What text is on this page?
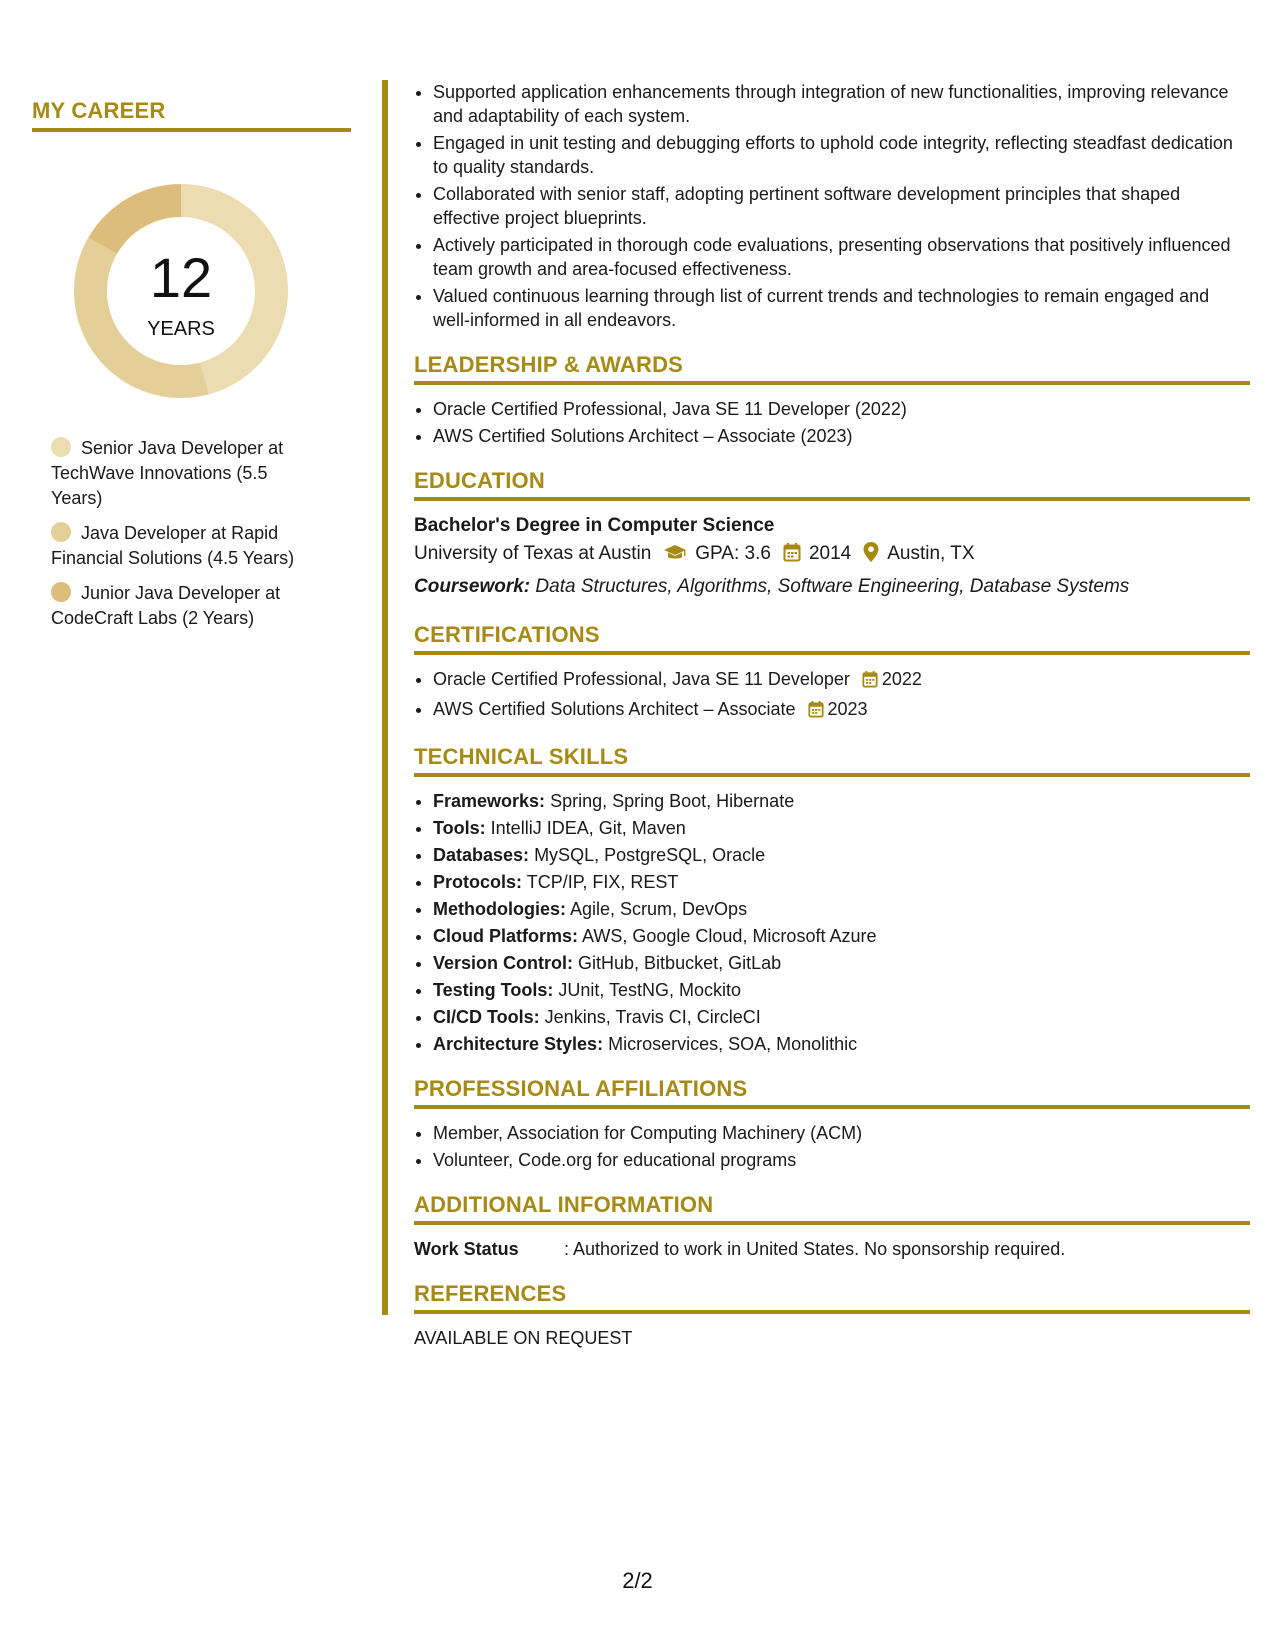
MY CAREER
12
YEARS
Senior Java Developer at TechWave Innovations (5.5 Years)
Java Developer at Rapid Financial Solutions (4.5 Years)
Junior Java Developer at CodeCraft Labs (2 Years)
• Supported application enhancements through integration of new functionalities, improving relevance and adaptability of each system.
• Engaged in unit testing and debugging efforts to uphold code integrity, reflecting steadfast dedication to quality standards.
• Collaborated with senior staff, adopting pertinent software development principles that shaped effective project blueprints.
• Actively participated in thorough code evaluations, presenting observations that positively influenced team growth and area-focused effectiveness.
• Valued continuous learning through list of current trends and technologies to remain engaged and well-informed in all endeavors.
LEADERSHIP & AWARDS
• Oracle Certified Professional, Java SE 11 Developer (2022)
• AWS Certified Solutions Architect – Associate (2023)
EDUCATION
Bachelor's Degree in Computer Science
University of Texas at Austin GPA: 3.6 2014 Austin, TX
Coursework: Data Structures, Algorithms, Software Engineering, Database Systems
CERTIFICATIONS
• Oracle Certified Professional, Java SE 11 Developer 2022
• AWS Certified Solutions Architect – Associate 2023
TECHNICAL SKILLS
• Frameworks: Spring, Spring Boot, Hibernate
• Tools: IntelliJ IDEA, Git, Maven
• Databases: MySQL, PostgreSQL, Oracle
• Protocols: TCP/IP, FIX, REST
• Methodologies: Agile, Scrum, DevOps
• Cloud Platforms: AWS, Google Cloud, Microsoft Azure
• Version Control: GitHub, Bitbucket, GitLab
• Testing Tools: JUnit, TestNG, Mockito
• CI/CD Tools: Jenkins, Travis CI, CircleCI
• Architecture Styles: Microservices, SOA, Monolithic
PROFESSIONAL AFFILIATIONS
• Member, Association for Computing Machinery (ACM)
• Volunteer, Code.org for educational programs
ADDITIONAL INFORMATION
Work Status	: Authorized to work in United States. No sponsorship required.
REFERENCES
AVAILABLE ON REQUEST
2/2
